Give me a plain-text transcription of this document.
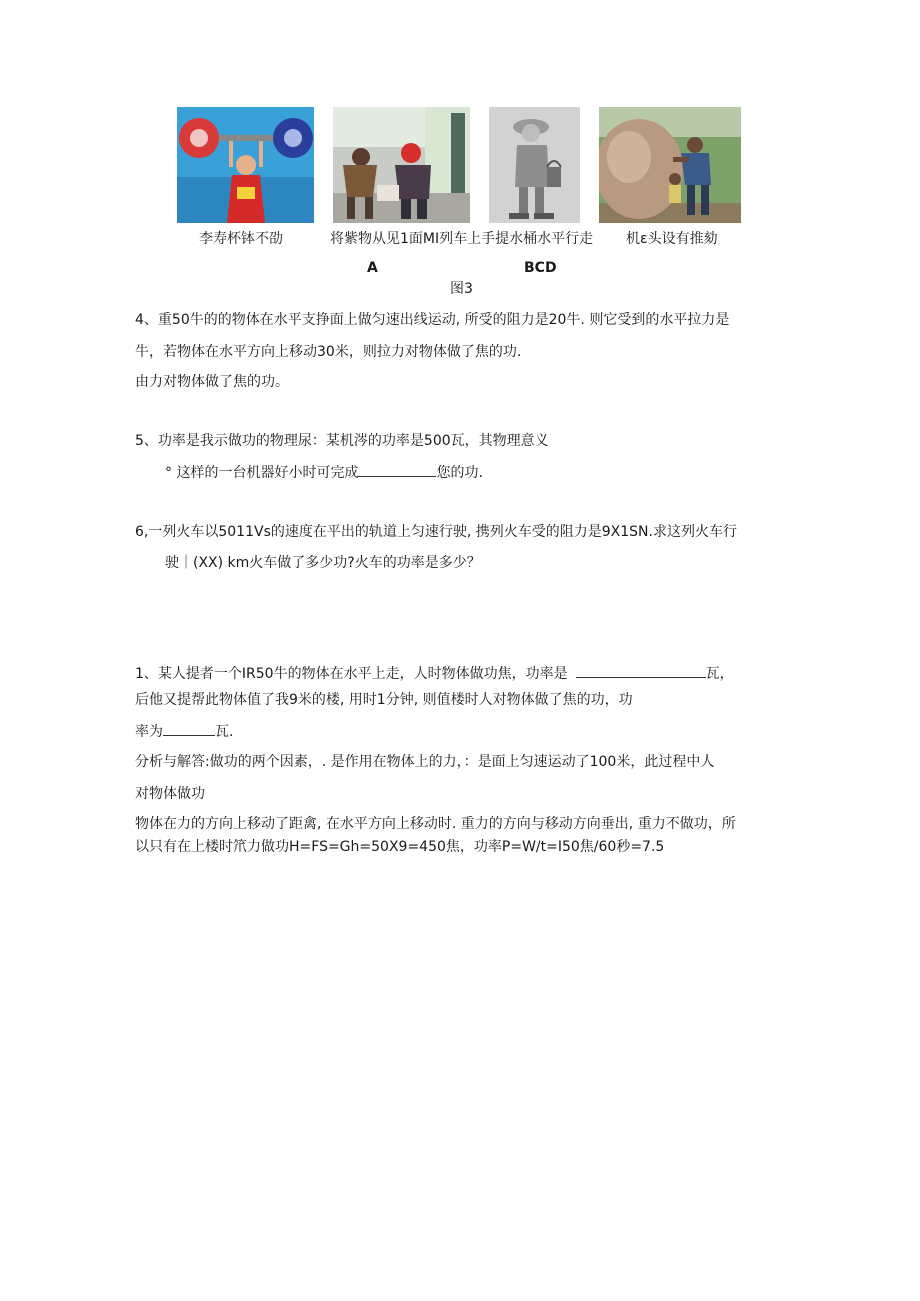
李寿杯钵不劭	将紫物从见1面MI列车上手提水桶水平行走 机ε头设有推劾
A	BCD
图3
4、重50牛的的物体在水平支挣面上做匀速出线运动, 所受的阻力是20牛. 则它受到的水平拉力是
牛，若物体在水平方向上移动30米，则拉力对物体做了焦的功.
由力对物体做了焦的功。
5、功率是我示做功的物理尿：某机涔的功率是500瓦，其物理意义
° 这样的一台机器好小时可完成	您的功.
6,一列火车以5011Vs的速度在平出的轨道上匀速行驶, 携列火车受的阻力是9X1SN.求这列火车行
驶｜(XX) km火车做了多少功?火车的功率是多少？
1、某人提者一个IR50牛的物体在水平上走，人时物体做功焦，功率是	瓦，
后他又提帮此物体值了我9米的楼, 用时1分钟, 则值楼时人对物体做了焦的功，功
率为	瓦.
分析与解答:做功的两个因素，. 是作用在物体上的力，：是面上匀速运动了100米，此过程中人
对物体做功
物体在力的方向上移动了距禽, 在水平方向上移动时. 重力的方向与移动方向垂出, 重力不做功，所
以只有在上楼时笊力做功H=FS=Gh=50X9=450焦，功率P=W/t=I50焦/60秒=7.5
